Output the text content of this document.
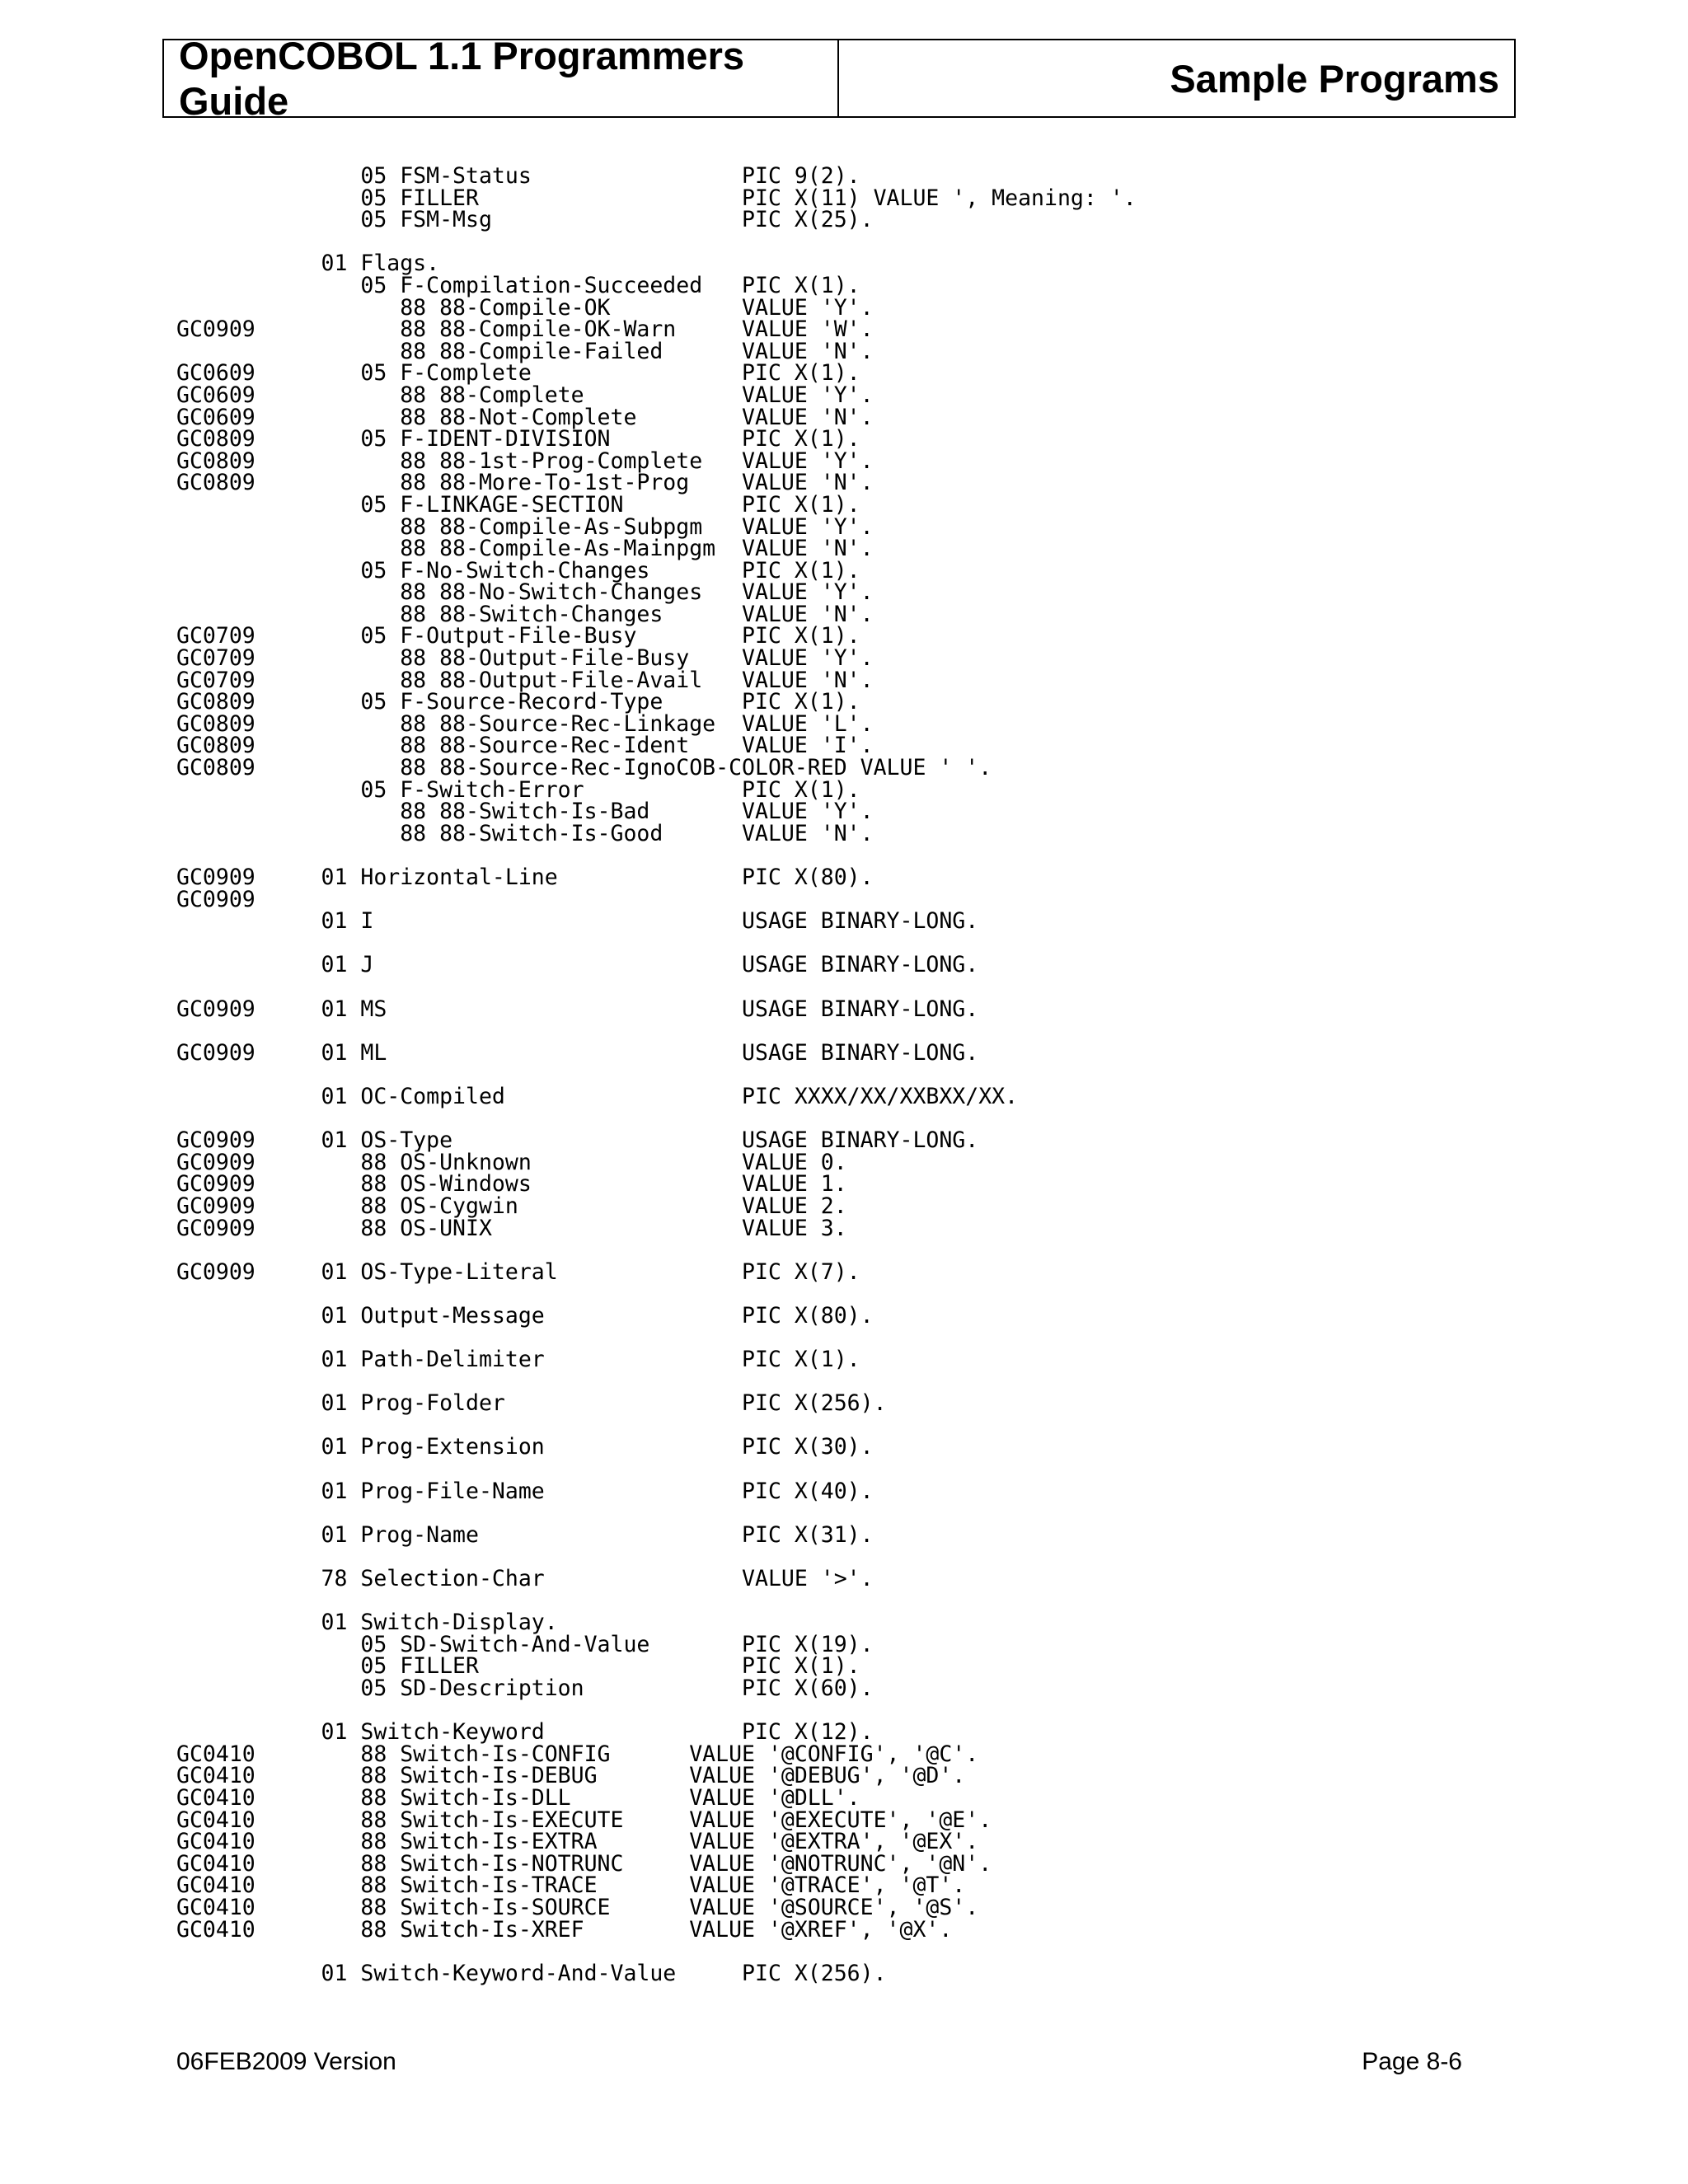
OpenCOBOL 1.1 Programmers Guide
Sample Programs
05 FSM-Status                PIC 9(2).
05 FILLER                    PIC X(11) VALUE ', Meaning: '.
05 FSM-Msg                   PIC X(25).
01 Flags.
05 F-Compilation-Succeeded   PIC X(1).
88 88-Compile-OK          VALUE 'Y'.
GC0909           88 88-Compile-OK-Warn     VALUE 'W'.
88 88-Compile-Failed      VALUE 'N'.
GC0609        05 F-Complete                PIC X(1).
GC0609           88 88-Complete            VALUE 'Y'.
GC0609           88 88-Not-Complete        VALUE 'N'.
GC0809        05 F-IDENT-DIVISION          PIC X(1).
GC0809           88 88-1st-Prog-Complete   VALUE 'Y'.
GC0809           88 88-More-To-1st-Prog    VALUE 'N'.
05 F-LINKAGE-SECTION         PIC X(1).
88 88-Compile-As-Subpgm   VALUE 'Y'.
88 88-Compile-As-Mainpgm  VALUE 'N'.
05 F-No-Switch-Changes       PIC X(1).
88 88-No-Switch-Changes   VALUE 'Y'.
88 88-Switch-Changes      VALUE 'N'.
GC0709        05 F-Output-File-Busy        PIC X(1).
GC0709           88 88-Output-File-Busy    VALUE 'Y'.
GC0709           88 88-Output-File-Avail   VALUE 'N'.
GC0809        05 F-Source-Record-Type      PIC X(1).
GC0809           88 88-Source-Rec-Linkage  VALUE 'L'.
GC0809           88 88-Source-Rec-Ident    VALUE 'I'.
GC0809           88 88-Source-Rec-IgnoCOB-COLOR-RED VALUE ' '.
05 F-Switch-Error            PIC X(1).
88 88-Switch-Is-Bad       VALUE 'Y'.
88 88-Switch-Is-Good      VALUE 'N'.
GC0909     01 Horizontal-Line              PIC X(80).
GC0909
01 I                            USAGE BINARY-LONG.
01 J                            USAGE BINARY-LONG.
GC0909     01 MS                           USAGE BINARY-LONG.
GC0909     01 ML                           USAGE BINARY-LONG.
01 OC-Compiled                  PIC XXXX/XX/XXBXX/XX.
GC0909     01 OS-Type                      USAGE BINARY-LONG.
GC0909        88 OS-Unknown                VALUE 0.
GC0909        88 OS-Windows                VALUE 1.
GC0909        88 OS-Cygwin                 VALUE 2.
GC0909        88 OS-UNIX                   VALUE 3.
GC0909     01 OS-Type-Literal              PIC X(7).
01 Output-Message               PIC X(80).
01 Path-Delimiter               PIC X(1).
01 Prog-Folder                  PIC X(256).
01 Prog-Extension               PIC X(30).
01 Prog-File-Name               PIC X(40).
01 Prog-Name                    PIC X(31).
78 Selection-Char               VALUE '>'.
01 Switch-Display.
05 SD-Switch-And-Value       PIC X(19).
05 FILLER                    PIC X(1).
05 SD-Description            PIC X(60).
01 Switch-Keyword               PIC X(12).
GC0410        88 Switch-Is-CONFIG      VALUE '@CONFIG', '@C'.
GC0410        88 Switch-Is-DEBUG       VALUE '@DEBUG', '@D'.
GC0410        88 Switch-Is-DLL         VALUE '@DLL'.
GC0410        88 Switch-Is-EXECUTE     VALUE '@EXECUTE', '@E'.
GC0410        88 Switch-Is-EXTRA       VALUE '@EXTRA', '@EX'.
GC0410        88 Switch-Is-NOTRUNC     VALUE '@NOTRUNC', '@N'.
GC0410        88 Switch-Is-TRACE       VALUE '@TRACE', '@T'.
GC0410        88 Switch-Is-SOURCE      VALUE '@SOURCE', '@S'.
GC0410        88 Switch-Is-XREF        VALUE '@XREF', '@X'.
01 Switch-Keyword-And-Value     PIC X(256).
06FEB2009 Version	Page 8-6
